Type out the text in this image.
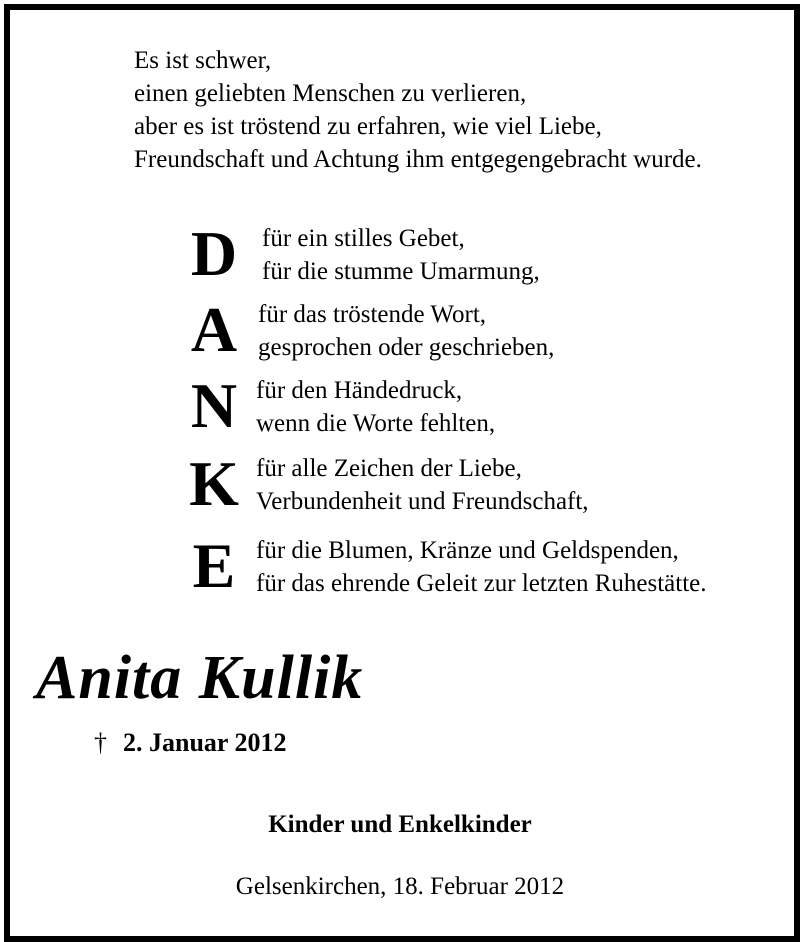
Es ist schwer,
einen geliebten Menschen zu verlieren,
aber es ist tröstend zu erfahren, wie viel Liebe,
Freundschaft und Achtung ihm entgegengebracht wurde.
D für ein stilles Gebet,
für die stumme Umarmung,
A für das tröstende Wort,
gesprochen oder geschrieben,
N für den Händedruck,
wenn die Worte fehlten,
K für alle Zeichen der Liebe,
Verbundenheit und Freundschaft,
E für die Blumen, Kränze und Geldspenden,
für das ehrende Geleit zur letzten Ruhestätte.
Anita Kullik
† 2. Januar 2012
Kinder und Enkelkinder
Gelsenkirchen, 18. Februar 2012
